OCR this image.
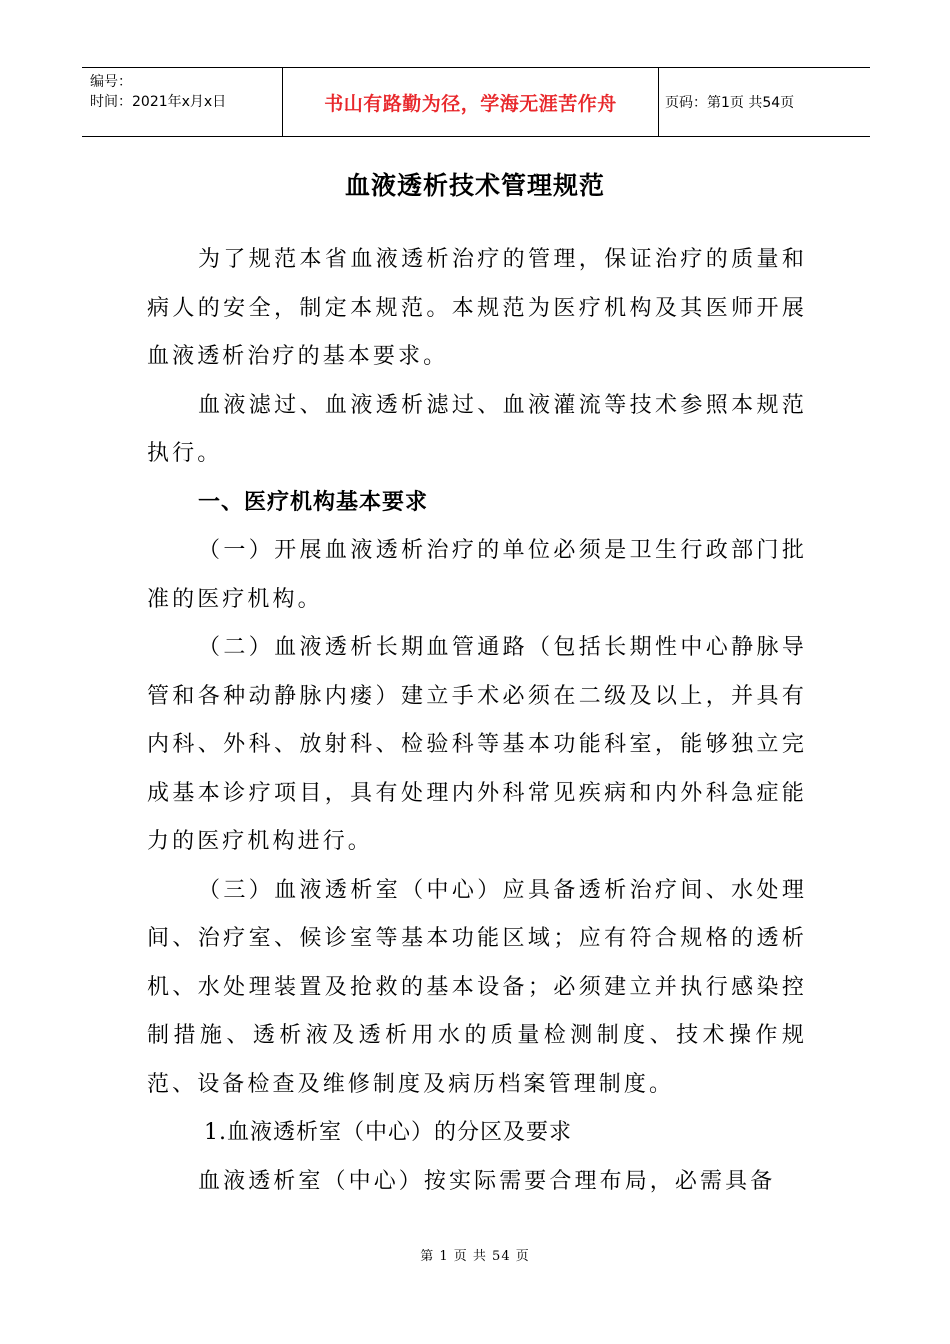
编号：
时间：2021年x月x日	书山有路勤为径，学海无涯苦作舟	页码：第1页 共54页
血液透析技术管理规范

为了规范本省血液透析治疗的管理，保证治疗的质量和病人的安全，制定本规范。本规范为医疗机构及其医师开展血液透析治疗的基本要求。

血液滤过、血液透析滤过、血液灌流等技术参照本规范执行。

一、医疗机构基本要求

（一）开展血液透析治疗的单位必须是卫生行政部门批准的医疗机构。

（二）血液透析长期血管通路（包括长期性中心静脉导管和各种动静脉内瘘）建立手术必须在二级及以上，并具有内科、外科、放射科、检验科等基本功能科室，能够独立完成基本诊疗项目，具有处理内外科常见疾病和内外科急症能力的医疗机构进行。

（三）血液透析室（中心）应具备透析治疗间、水处理间、治疗室、候诊室等基本功能区域；应有符合规格的透析机、水处理装置及抢救的基本设备；必须建立并执行感染控制措施、透析液及透析用水的质量检测制度、技术操作规范、设备检查及维修制度及病历档案管理制度。

1.血液透析室（中心）的分区及要求

血液透析室（中心）按实际需要合理布局，必需具备

第 1 页 共 54 页
